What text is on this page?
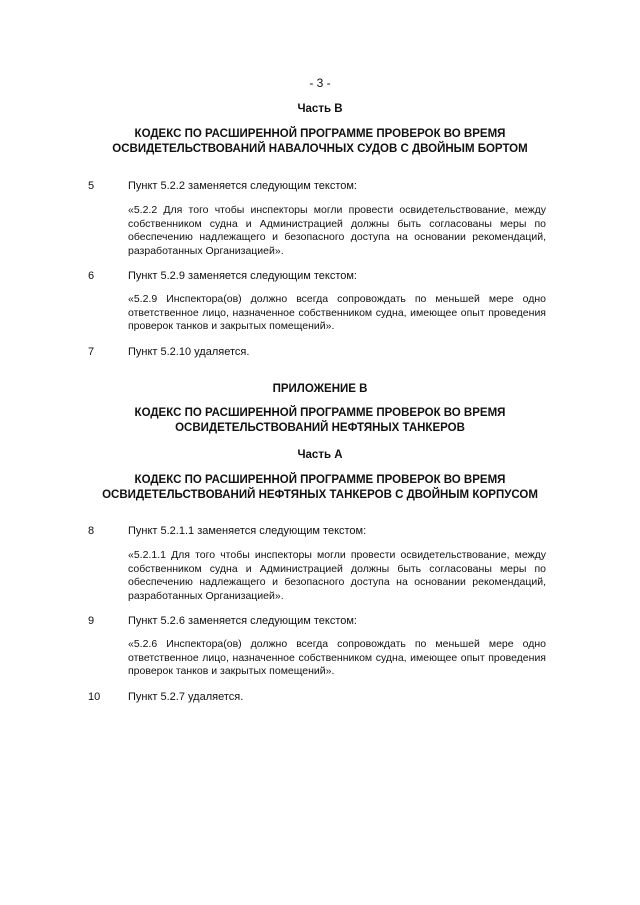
- 3 -
Часть В
КОДЕКС ПО РАСШИРЕННОЙ ПРОГРАММЕ ПРОВЕРОК ВО ВРЕМЯ ОСВИДЕТЕЛЬСТВОВАНИЙ НАВАЛОЧНЫХ СУДОВ С ДВОЙНЫМ БОРТОМ
5	Пункт 5.2.2 заменяется следующим текстом:
«5.2.2 Для того чтобы инспекторы могли провести освидетельствование, между собственником судна и Администрацией должны быть согласованы меры по обеспечению надлежащего и безопасного доступа на основании рекомендаций, разработанных Организацией».
6	Пункт 5.2.9 заменяется следующим текстом:
«5.2.9 Инспектора(ов) должно всегда сопровождать по меньшей мере одно ответственное лицо, назначенное собственником судна, имеющее опыт проведения проверок танков и закрытых помещений».
7	Пункт 5.2.10 удаляется.
ПРИЛОЖЕНИЕ В
КОДЕКС ПО РАСШИРЕННОЙ ПРОГРАММЕ ПРОВЕРОК ВО ВРЕМЯ ОСВИДЕТЕЛЬСТВОВАНИЙ НЕФТЯНЫХ ТАНКЕРОВ
Часть А
КОДЕКС ПО РАСШИРЕННОЙ ПРОГРАММЕ ПРОВЕРОК ВО ВРЕМЯ ОСВИДЕТЕЛЬСТВОВАНИЙ НЕФТЯНЫХ ТАНКЕРОВ С ДВОЙНЫМ КОРПУСОМ
8	Пункт 5.2.1.1 заменяется следующим текстом:
«5.2.1.1 Для того чтобы инспекторы могли провести освидетельствование, между собственником судна и Администрацией должны быть согласованы меры по обеспечению надлежащего и безопасного доступа на основании рекомендаций, разработанных Организацией».
9	Пункт 5.2.6 заменяется следующим текстом:
«5.2.6 Инспектора(ов) должно всегда сопровождать по меньшей мере одно ответственное лицо, назначенное собственником судна, имеющее опыт проведения проверок танков и закрытых помещений».
10	Пункт 5.2.7 удаляется.
